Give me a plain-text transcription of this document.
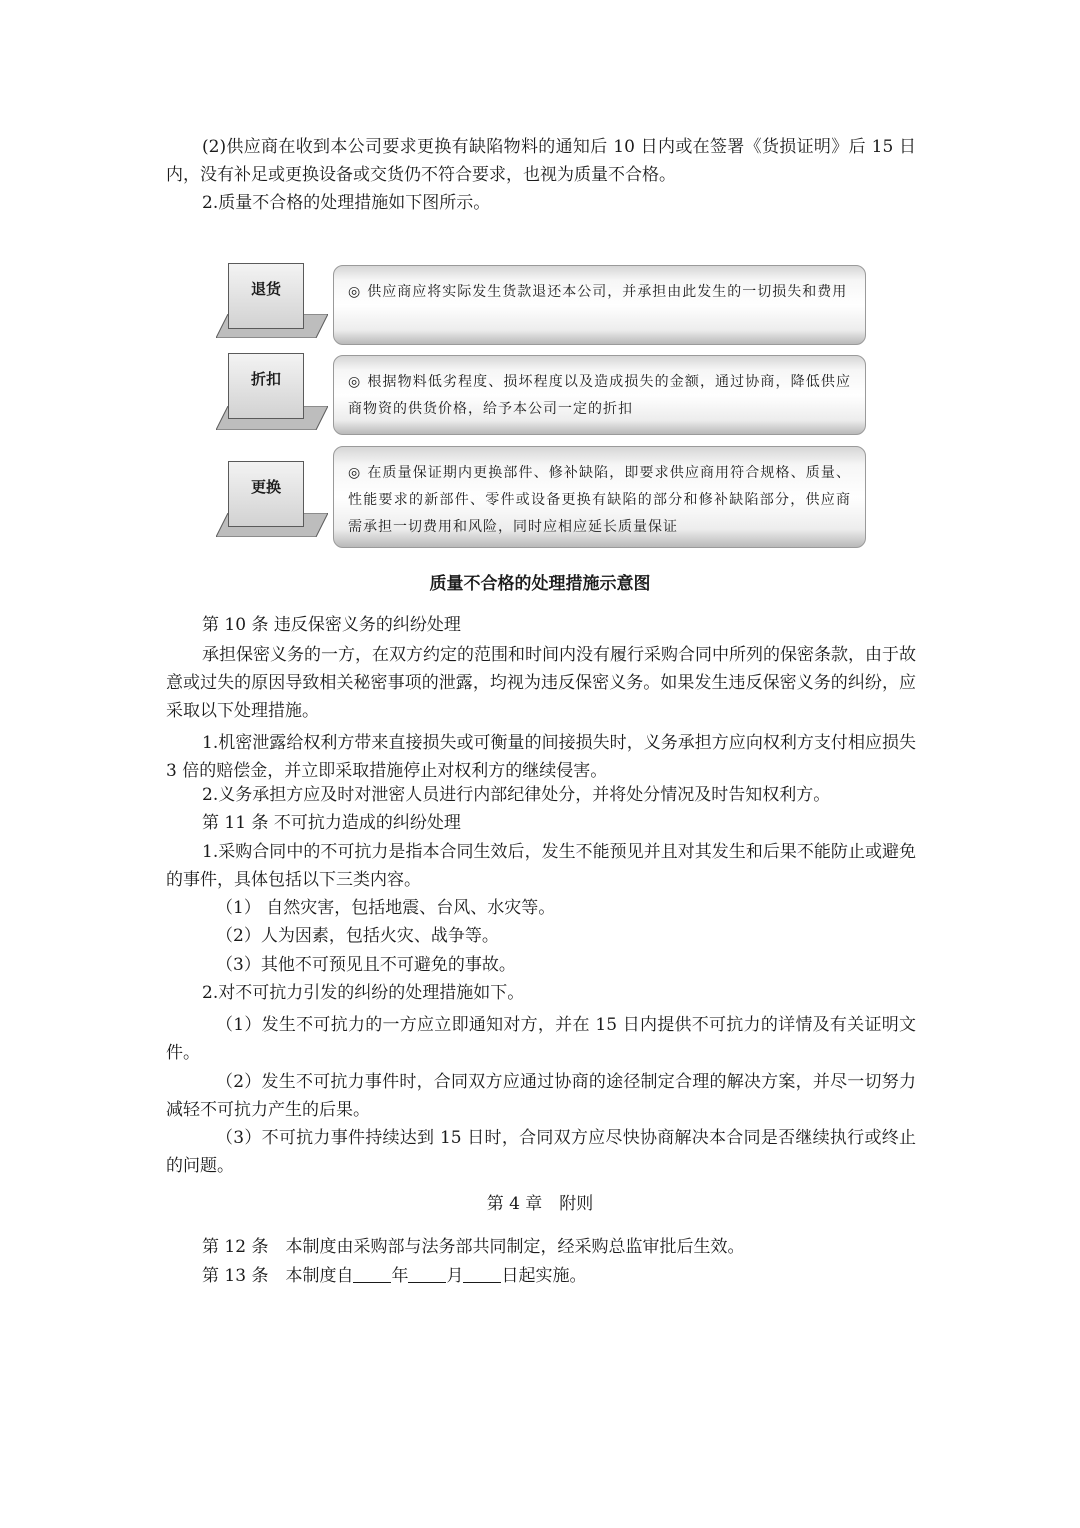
(2)供应商在收到本公司要求更换有缺陷物料的通知后 10 日内或在签署《货损证明》后 15 日内，没有补足或更换设备或交货仍不符合要求，也视为质量不合格。

2.质量不合格的处理措施如下图所示。

退货	◎ 供应商应将实际发生货款退还本公司，并承担由此发生的一切损失和费用
折扣	◎ 根据物料低劣程度、损坏程度以及造成损失的金额，通过协商，降低供应商物资的供货价格，给予本公司一定的折扣
更换
◎ 在质量保证期内更换部件、修补缺陷，即要求供应商用符合规格、质量、性能要求的新部件、零件或设备更换有缺陷的部分和修补缺陷部分，供应商需承担一切费用和风险，同时应相应延长质量保证
质量不合格的处理措施示意图

第 10 条 违反保密义务的纠纷处理

承担保密义务的一方，在双方约定的范围和时间内没有履行采购合同中所列的保密条款，由于故意或过失的原因导致相关秘密事项的泄露，均视为违反保密义务。如果发生违反保密义务的纠纷，应采取以下处理措施。

1.机密泄露给权利方带来直接损失或可衡量的间接损失时，义务承担方应向权利方支付相应损失 3 倍的赔偿金，并立即采取措施停止对权利方的继续侵害。

2.义务承担方应及时对泄密人员进行内部纪律处分，并将处分情况及时告知权利方。

第 11 条 不可抗力造成的纠纷处理

1.采购合同中的不可抗力是指本合同生效后，发生不能预见并且对其发生和后果不能防止或避免的事件，具体包括以下三类内容。

（1） 自然灾害，包括地震、台风、水灾等。

（2）人为因素，包括火灾、战争等。

（3）其他不可预见且不可避免的事故。

2.对不可抗力引发的纠纷的处理措施如下。

（1）发生不可抗力的一方应立即通知对方，并在 15 日内提供不可抗力的详情及有关证明文件。

（2）发生不可抗力事件时，合同双方应通过协商的途径制定合理的解决方案，并尽一切努力减轻不可抗力产生的后果。

（3）不可抗力事件持续达到 15 日时，合同双方应尽快协商解决本合同是否继续执行或终止的问题。

第 4 章　附则

第 12 条　本制度由采购部与法务部共同制定，经采购总监审批后生效。

第 13 条　本制度自 年 月 日起实施。
